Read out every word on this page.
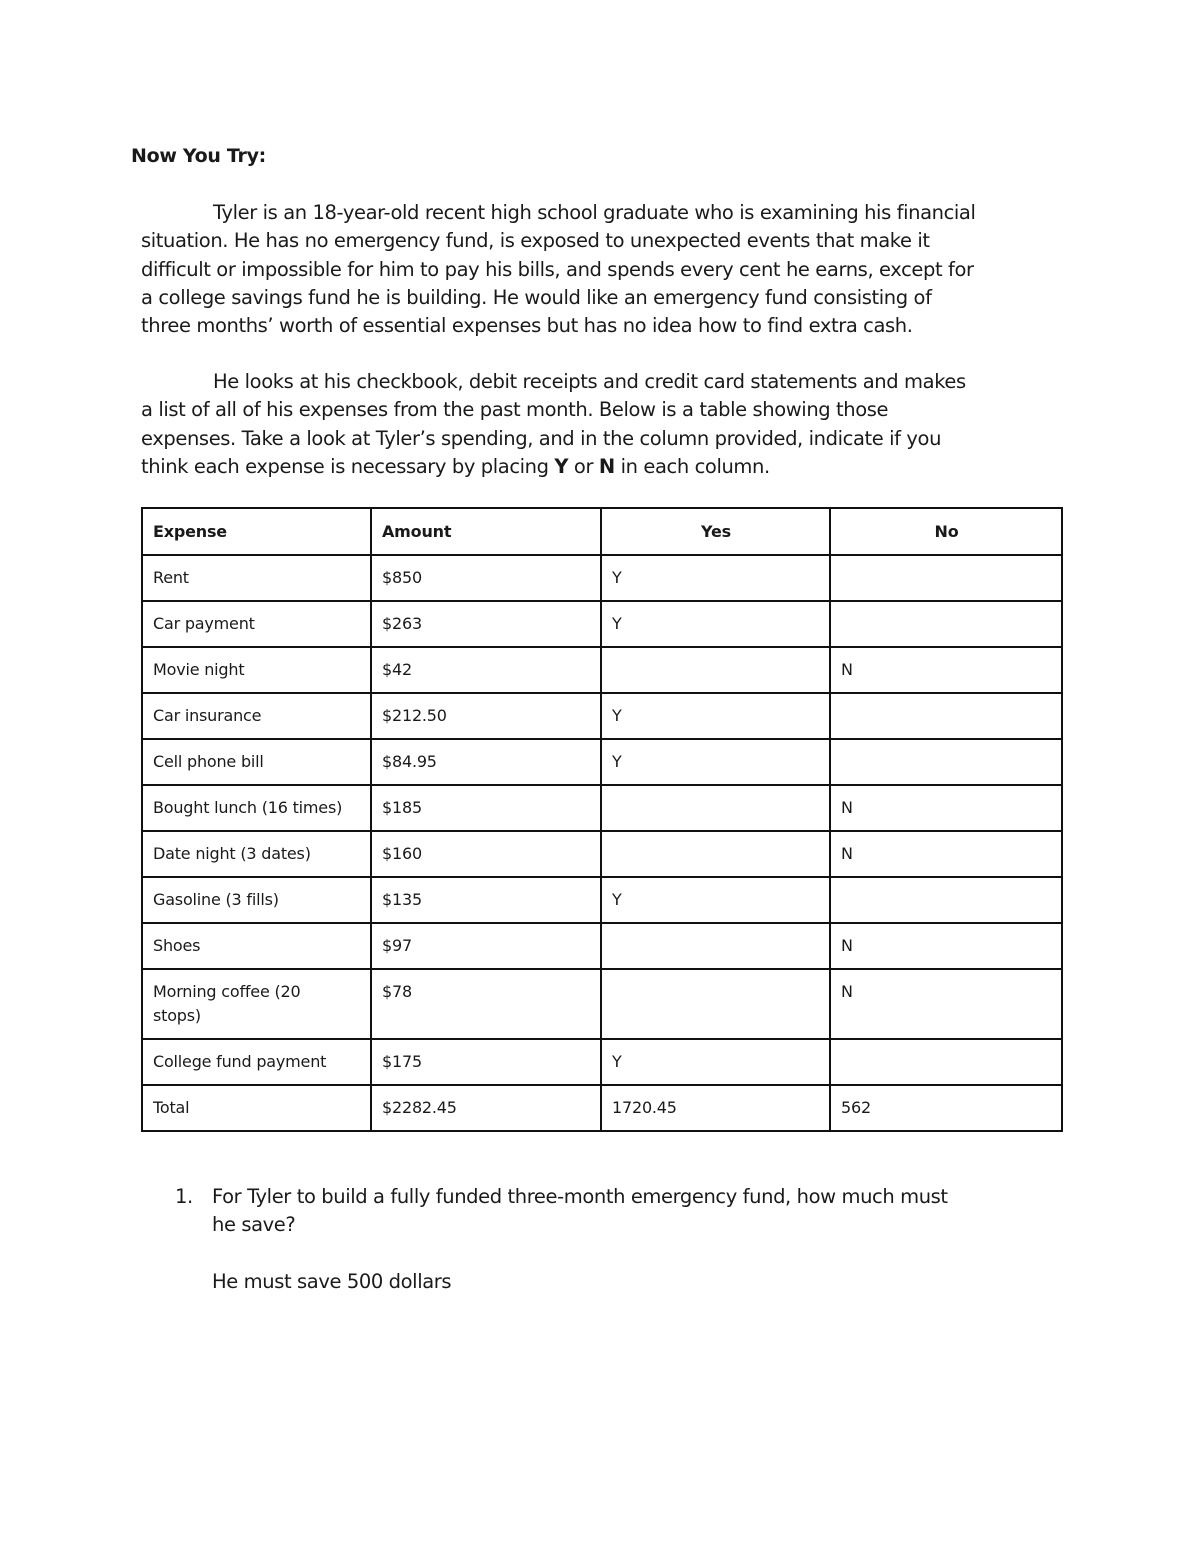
Now You Try:
Tyler is an 18-year-old recent high school graduate who is examining his financial
situation. He has no emergency fund, is exposed to unexpected events that make it
difficult or impossible for him to pay his bills, and spends every cent he earns, except for
a college savings fund he is building. He would like an emergency fund consisting of
three months’ worth of essential expenses but has no idea how to find extra cash.
He looks at his checkbook, debit receipts and credit card statements and makes
a list of all of his expenses from the past month. Below is a table showing those
expenses. Take a look at Tyler’s spending, and in the column provided, indicate if you
think each expense is necessary by placing Y or N in each column.
Expense	Amount	Yes	No
Rent	$850	Y	
Car payment	$263	Y	
Movie night	$42		N
Car insurance	$212.50	Y	
Cell phone bill	$84.95	Y	
Bought lunch (16 times)	$185		N
Date night (3 dates)	$160		N
Gasoline (3 fills)	$135	Y	
Shoes	$97		N
Morning coffee (20
stops)	$78		N
College fund payment	$175	Y	
Total	$2282.45	1720.45	562
1. For Tyler to build a fully funded three-month emergency fund, how much must
he save?
He must save 500 dollars
